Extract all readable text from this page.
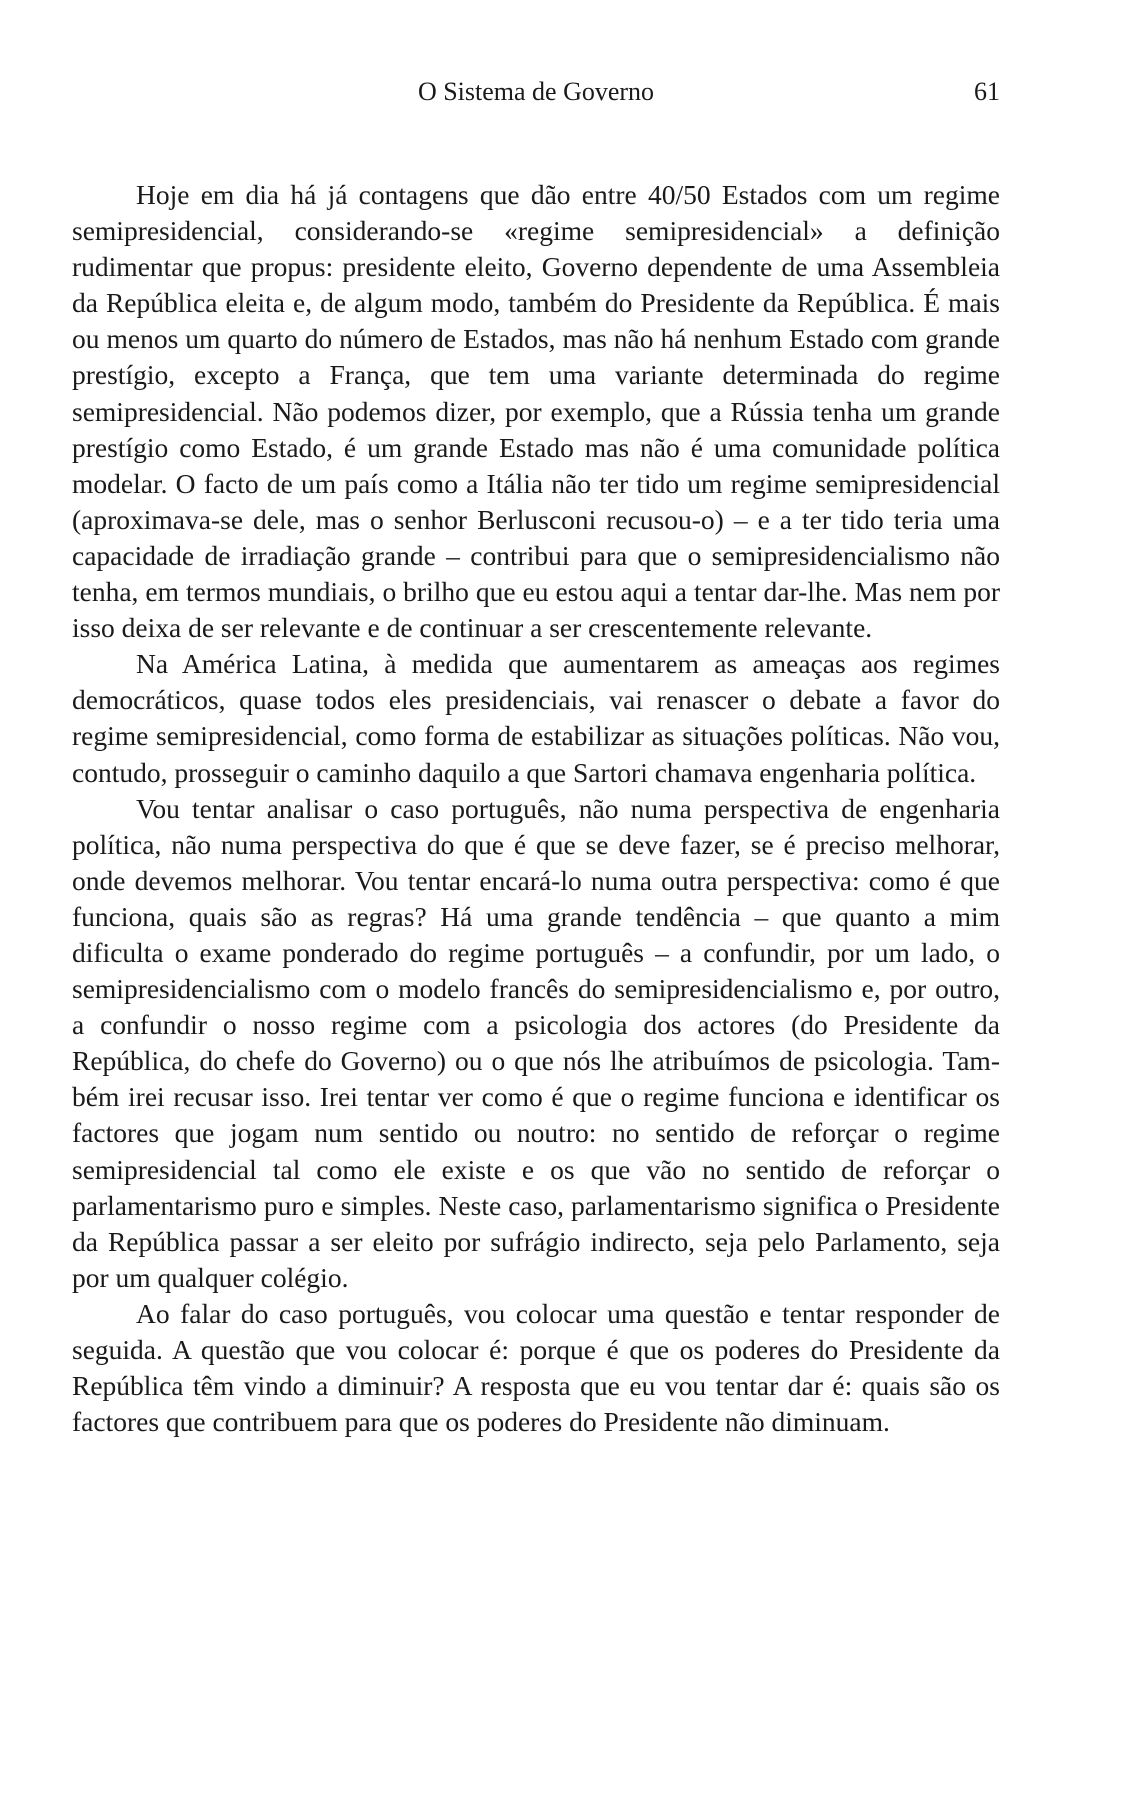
O Sistema de Governo	61

Hoje em dia há já contagens que dão entre 40/50 Estados com um regime semipresidencial, considerando-se «regime semipresidencial» a definição rudimentar que propus: presidente eleito, Governo dependente de uma Assembleia da República eleita e, de algum modo, também do Presidente da República. É mais ou menos um quarto do número de Estados, mas não há nenhum Estado com grande prestígio, excepto a França, que tem uma variante determinada do regime semipresidencial. Não podemos dizer, por exemplo, que a Rússia tenha um grande prestígio como Estado, é um grande Estado mas não é uma comunidade política modelar. O facto de um país como a Itália não ter tido um regime semipresidencial (aproximava-se dele, mas o senhor Berlusconi recusou-o) – e a ter tido teria uma capacidade de irradiação grande – contribui para que o semipresidencialismo não tenha, em termos mundiais, o brilho que eu estou aqui a tentar dar-lhe. Mas nem por isso deixa de ser relevante e de continuar a ser crescentemente relevante.

Na América Latina, à medida que aumentarem as ameaças aos regimes democráticos, quase todos eles presidenciais, vai renascer o debate a favor do regime semipresidencial, como forma de estabilizar as situações políticas. Não vou, contudo, prosseguir o caminho daquilo a que Sartori chamava engenharia política.

Vou tentar analisar o caso português, não numa perspectiva de engenharia política, não numa perspectiva do que é que se deve fazer, se é preciso melhorar, onde devemos melhorar. Vou tentar encará-lo numa outra perspectiva: como é que funciona, quais são as regras? Há uma grande tendência – que quanto a mim dificulta o exame ponderado do regime português – a confundir, por um lado, o semipresidencialismo com o modelo francês do semipresidencialismo e, por outro, a confundir o nosso regime com a psicologia dos actores (do Presidente da República, do chefe do Governo) ou o que nós lhe atribuímos de psicologia. Também irei recusar isso. Irei tentar ver como é que o regime funciona e identificar os factores que jogam num sentido ou noutro: no sentido de reforçar o regime semipresidencial tal como ele existe e os que vão no sentido de reforçar o parlamentarismo puro e simples. Neste caso, parlamentarismo significa o Presidente da República passar a ser eleito por sufrágio indirecto, seja pelo Parlamento, seja por um qualquer colégio.

Ao falar do caso português, vou colocar uma questão e tentar responder de seguida. A questão que vou colocar é: porque é que os poderes do Presidente da República têm vindo a diminuir? A resposta que eu vou tentar dar é: quais são os factores que contribuem para que os poderes do Presidente não diminuam.
